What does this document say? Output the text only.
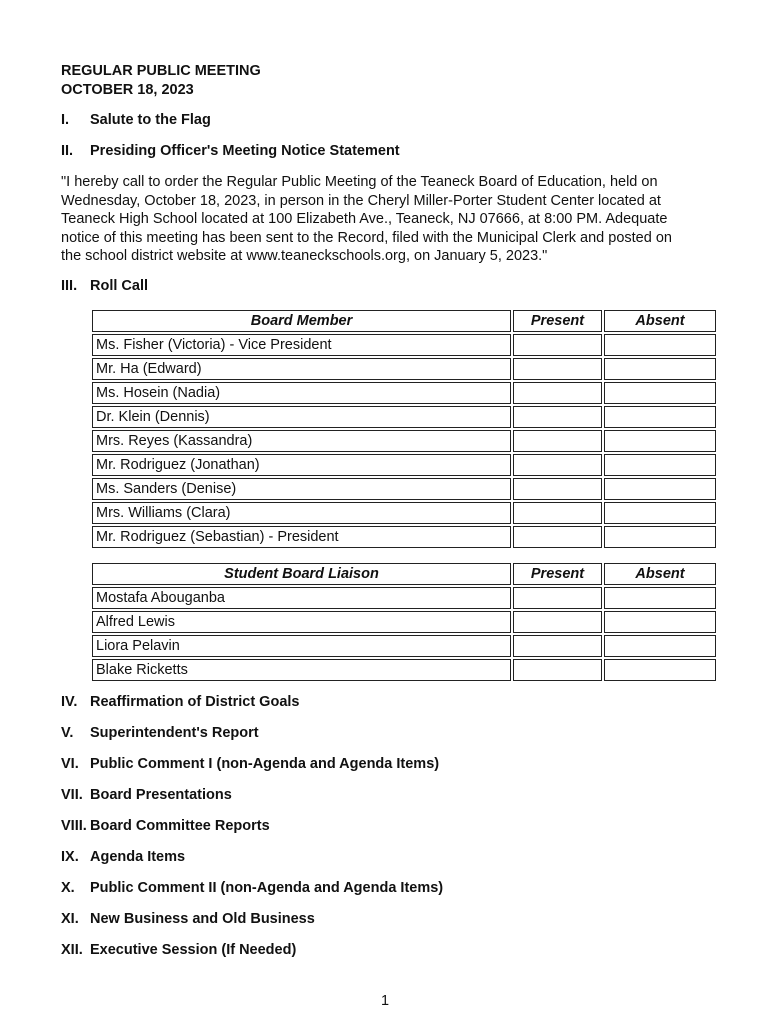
REGULAR PUBLIC MEETING
OCTOBER 18, 2023
I. Salute to the Flag
II. Presiding Officer's Meeting Notice Statement
"I hereby call to order the Regular Public Meeting of the Teaneck Board of Education, held on
Wednesday, October 18, 2023, in person in the Cheryl Miller-Porter Student Center located at
Teaneck High School located at 100 Elizabeth Ave., Teaneck, NJ 07666, at 8:00 PM. Adequate
notice of this meeting has been sent to the Record, filed with the Municipal Clerk and posted on
the school district website at www.teaneckschools.org, on January 5, 2023."
III. Roll Call
Board Member	Present	Absent
Ms. Fisher (Victoria) - Vice President		
Mr. Ha (Edward)		
Ms. Hosein (Nadia)		
Dr. Klein (Dennis)		
Mrs. Reyes (Kassandra)		
Mr. Rodriguez (Jonathan)		
Ms. Sanders (Denise)		
Mrs. Williams (Clara)		
Mr. Rodriguez (Sebastian) - President		
Student Board Liaison	Present	Absent
Mostafa Abouganba		
Alfred Lewis		
Liora Pelavin		
Blake Ricketts		
IV. Reaffirmation of District Goals
V. Superintendent's Report
VI. Public Comment I (non-Agenda and Agenda Items)
VII. Board Presentations
VIII. Board Committee Reports
IX. Agenda Items
X. Public Comment II (non-Agenda and Agenda Items)
XI. New Business and Old Business
XII. Executive Session (If Needed)
1
